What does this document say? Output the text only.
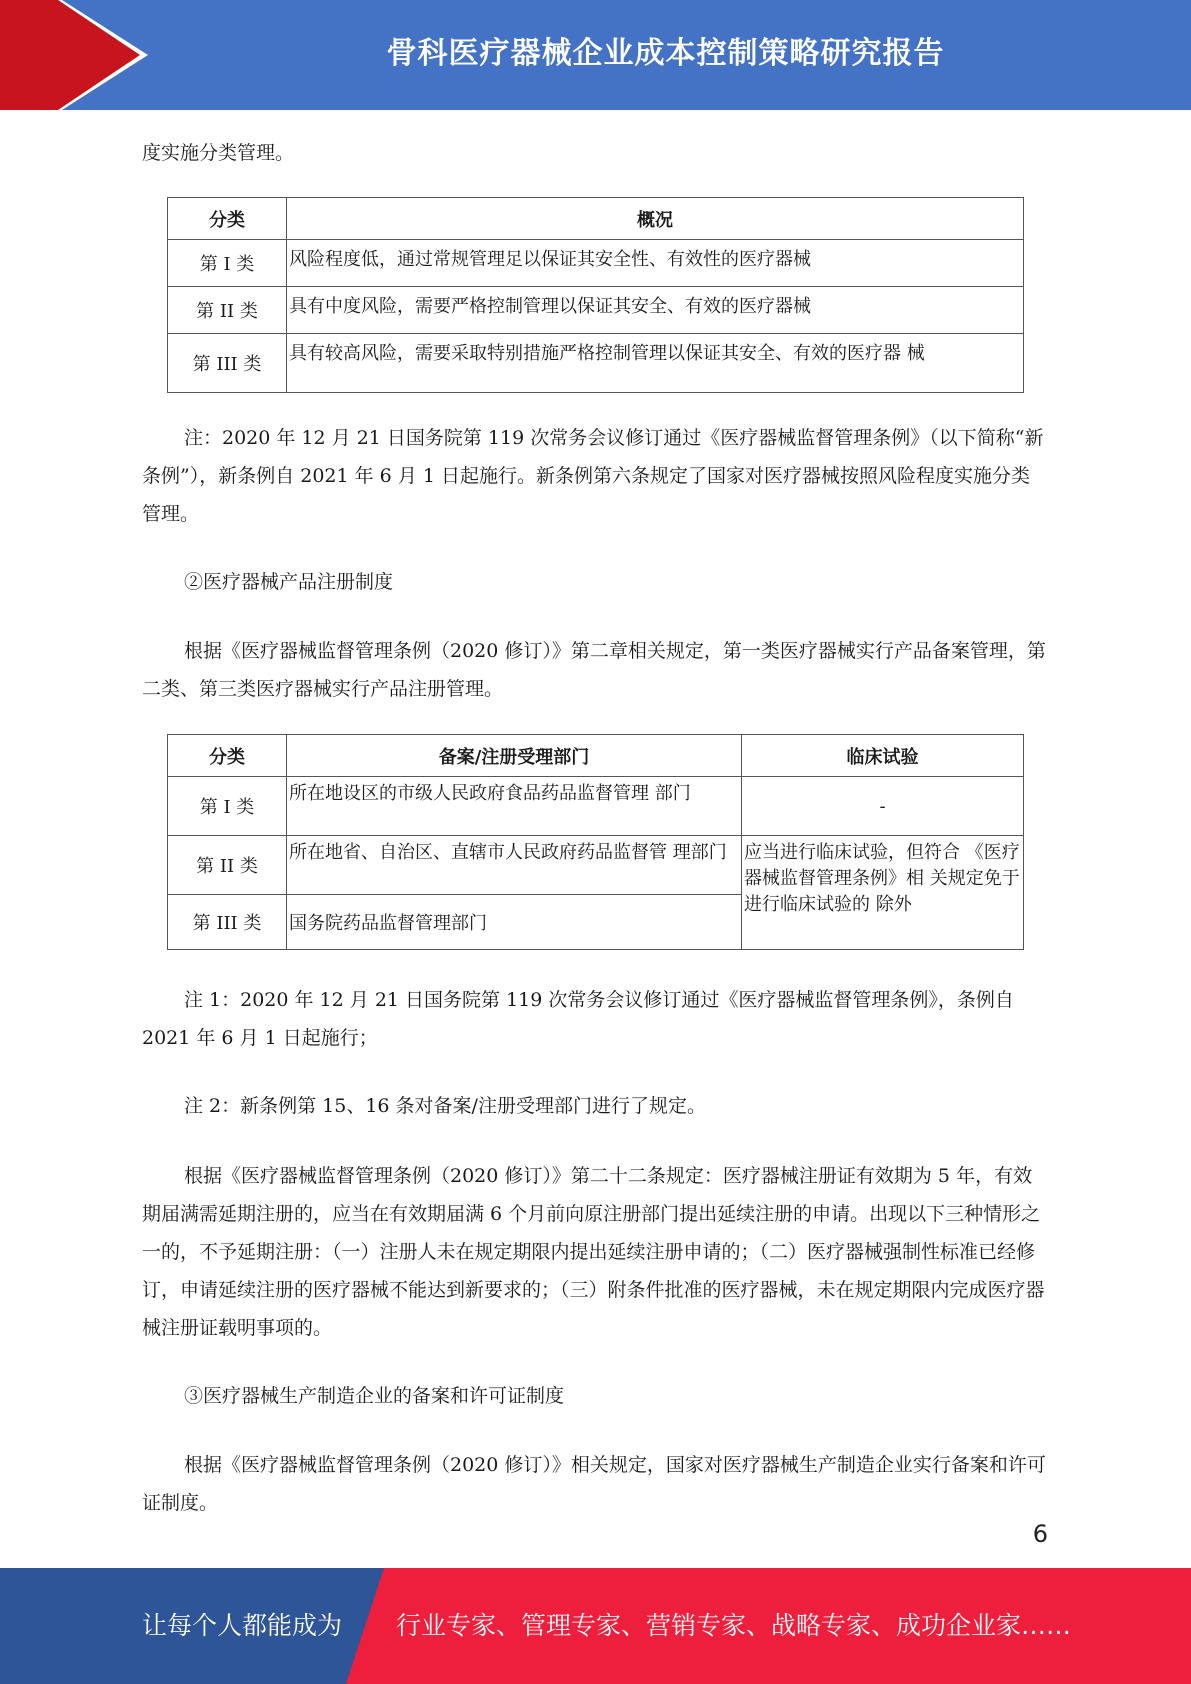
骨科医疗器械企业成本控制策略研究报告

度实施分类管理。

分类	概况
第 I 类	风险程度低，通过常规管理足以保证其安全性、有效性的医疗器械
第 II 类	具有中度风险，需要严格控制管理以保证其安全、有效的医疗器械
第 III 类	具有较高风险，需要采取特别措施严格控制管理以保证其安全、有效的医疗器 械

注：2020 年 12 月 21 日国务院第 119 次常务会议修订通过《医疗器械监督管理条例》（以下简称“新条例”），新条例自 2021 年 6 月 1 日起施行。新条例第六条规定了国家对医疗器械按照风险程度实施分类管理。

②医疗器械产品注册制度

根据《医疗器械监督管理条例（2020 修订）》第二章相关规定，第一类医疗器械实行产品备案管理，第二类、第三类医疗器械实行产品注册管理。

分类	备案/注册受理部门	临床试验
第 I 类	所在地设区的市级人民政府食品药品监督管理 部门	-
第 II 类	所在地省、自治区、直辖市人民政府药品监督管 理部门	应当进行临床试验，但符合 《医疗器械监督管理条例》相 关规定免于进行临床试验的 除外
第 III 类	国务院药品监督管理部门	

注 1：2020 年 12 月 21 日国务院第 119 次常务会议修订通过《医疗器械监督管理条例》，条例自 2021 年 6 月 1 日起施行；

注 2：新条例第 15、16 条对备案/注册受理部门进行了规定。

根据《医疗器械监督管理条例（2020 修订）》第二十二条规定：医疗器械注册证有效期为 5 年，有效期届满需延期注册的，应当在有效期届满 6 个月前向原注册部门提出延续注册的申请。出现以下三种情形之一的，不予延期注册：（一）注册人未在规定期限内提出延续注册申请的；（二）医疗器械强制性标准已经修订，申请延续注册的医疗器械不能达到新要求的；（三）附条件批准的医疗器械，未在规定期限内完成医疗器械注册证载明事项的。

③医疗器械生产制造企业的备案和许可证制度

根据《医疗器械监督管理条例（2020 修订）》相关规定，国家对医疗器械生产制造企业实行备案和许可证制度。

6
让每个人都能成为 行业专家、管理专家、营销专家、战略专家、成功企业家……
